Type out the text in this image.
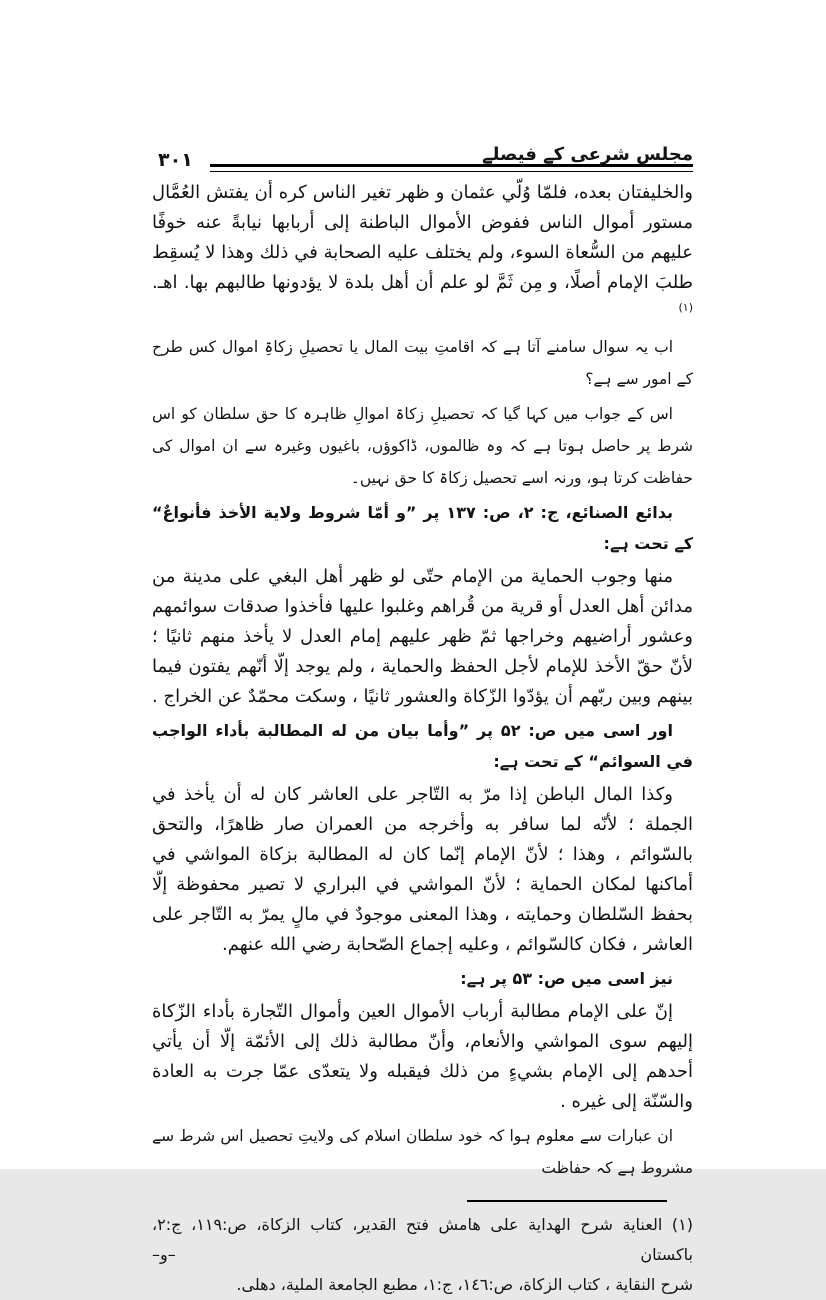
۳۰۱	مجلس شرعی کے فیصلے

والخليفتان بعده، فلمّا وُلّي عثمان و ظهر تغير الناس كره أن يفتش العُمَّال مستور أموال الناس ففوض الأموال الباطنة إلى أربابها نيابةً عنه خوفًا عليهم من السُّعاة السوء، ولم يختلف عليه الصحابة في ذلك وهذا لا يُسقِط طلبَ الإمام أصلًا، و مِن ثَمَّ لو علم أن أهل بلدة لا يؤدونها طالبهم بها. اهـ. $^{(١)}$

اب یہ سوال سامنے آتا ہے کہ اقامتِ بیت المال یا تحصیلِ زکاۃِ اموال کس طرح کے امور سے ہے؟

اس کے جواب میں کہا گیا کہ تحصیلِ زکاۃ اموالِ ظاہرہ کا حق سلطان کو اس شرط پر حاصل ہوتا ہے کہ وہ ظالموں، ڈاکوؤں، باغیوں وغیرہ سے ان اموال کی حفاظت کرتا ہو، ورنہ اسے تحصیل زکاۃ کا حق نہیں۔

بدائع الصنائع، ج: ۲، ص: ۱۳۷ پر ”و أمّا شروط ولاية الأخذ فأنواعٌ“ کے تحت ہے:

منها وجوب الحماية من الإمام حتّى لو ظهر أهل البغي على مدينة من مدائن أهل العدل أو قرية من قُراهم وغلبوا عليها فأخذوا صدقات سوائمهم وعشور أراضيهم وخراجها ثمّ ظهر عليهم إمام العدل لا يأخذ منهم ثانيًا ؛ لأنّ حقّ الأخذ للإمام لأجل الحفظ والحماية ، ولم يوجد إلّا أنّهم يفتون فيما بينهم وبين ربّهم أن يؤدّوا الزّكاة والعشور ثانيًا ، وسكت محمّدٌ عن الخراج .

اور اسی میں ص: ۵۲ پر ”وأما بيان من له المطالبة بأداء الواجب في السوائم“ کے تحت ہے:

وكذا المال الباطن إذا مرّ به التّاجر على العاشر كان له أن يأخذ في الجملة ؛ لأنّه لما سافر به وأخرجه من العمران صار ظاهرًا، والتحق بالسّوائم ، وهذا ؛ لأنّ الإمام إنّما كان له المطالبة بزكاة المواشي في أماكنها لمكان الحماية ؛ لأنّ المواشي في البراري لا تصير محفوظة إلّا بحفظ السّلطان وحمايته ، وهذا المعنى موجودٌ في مالٍ يمرّ به التّاجر على العاشر ، فكان كالسّوائم ، وعليه إجماع الصّحابة رضي الله عنهم.

نیز اسی میں ص: ۵۳ پر ہے:

إنّ على الإمام مطالبة أرباب الأموال العين وأموال التّجارة بأداء الزّكاة إليهم سوى المواشي والأنعام، وأنّ مطالبة ذلك إلى الأئمّة إلّا أن يأتي أحدهم إلى الإمام بشيءٍ من ذلك فيقبله ولا يتعدّى عمّا جرت به العادة والسّنّة إلى غيره .

ان عبارات سے معلوم ہوا کہ خود سلطان اسلام کی ولایتِ تحصیل اس شرط سے مشروط ہے کہ حفاظت

(١) العناية شرح الهداية على هامش فتح القدير، كتاب الزكاة، ص:١١٩، ج:٢، باكستان –و–
شرح النقاية ، كتاب الزكاة، ص:١٤٦، ج:١، مطبع الجامعة الملية، دهلى.
